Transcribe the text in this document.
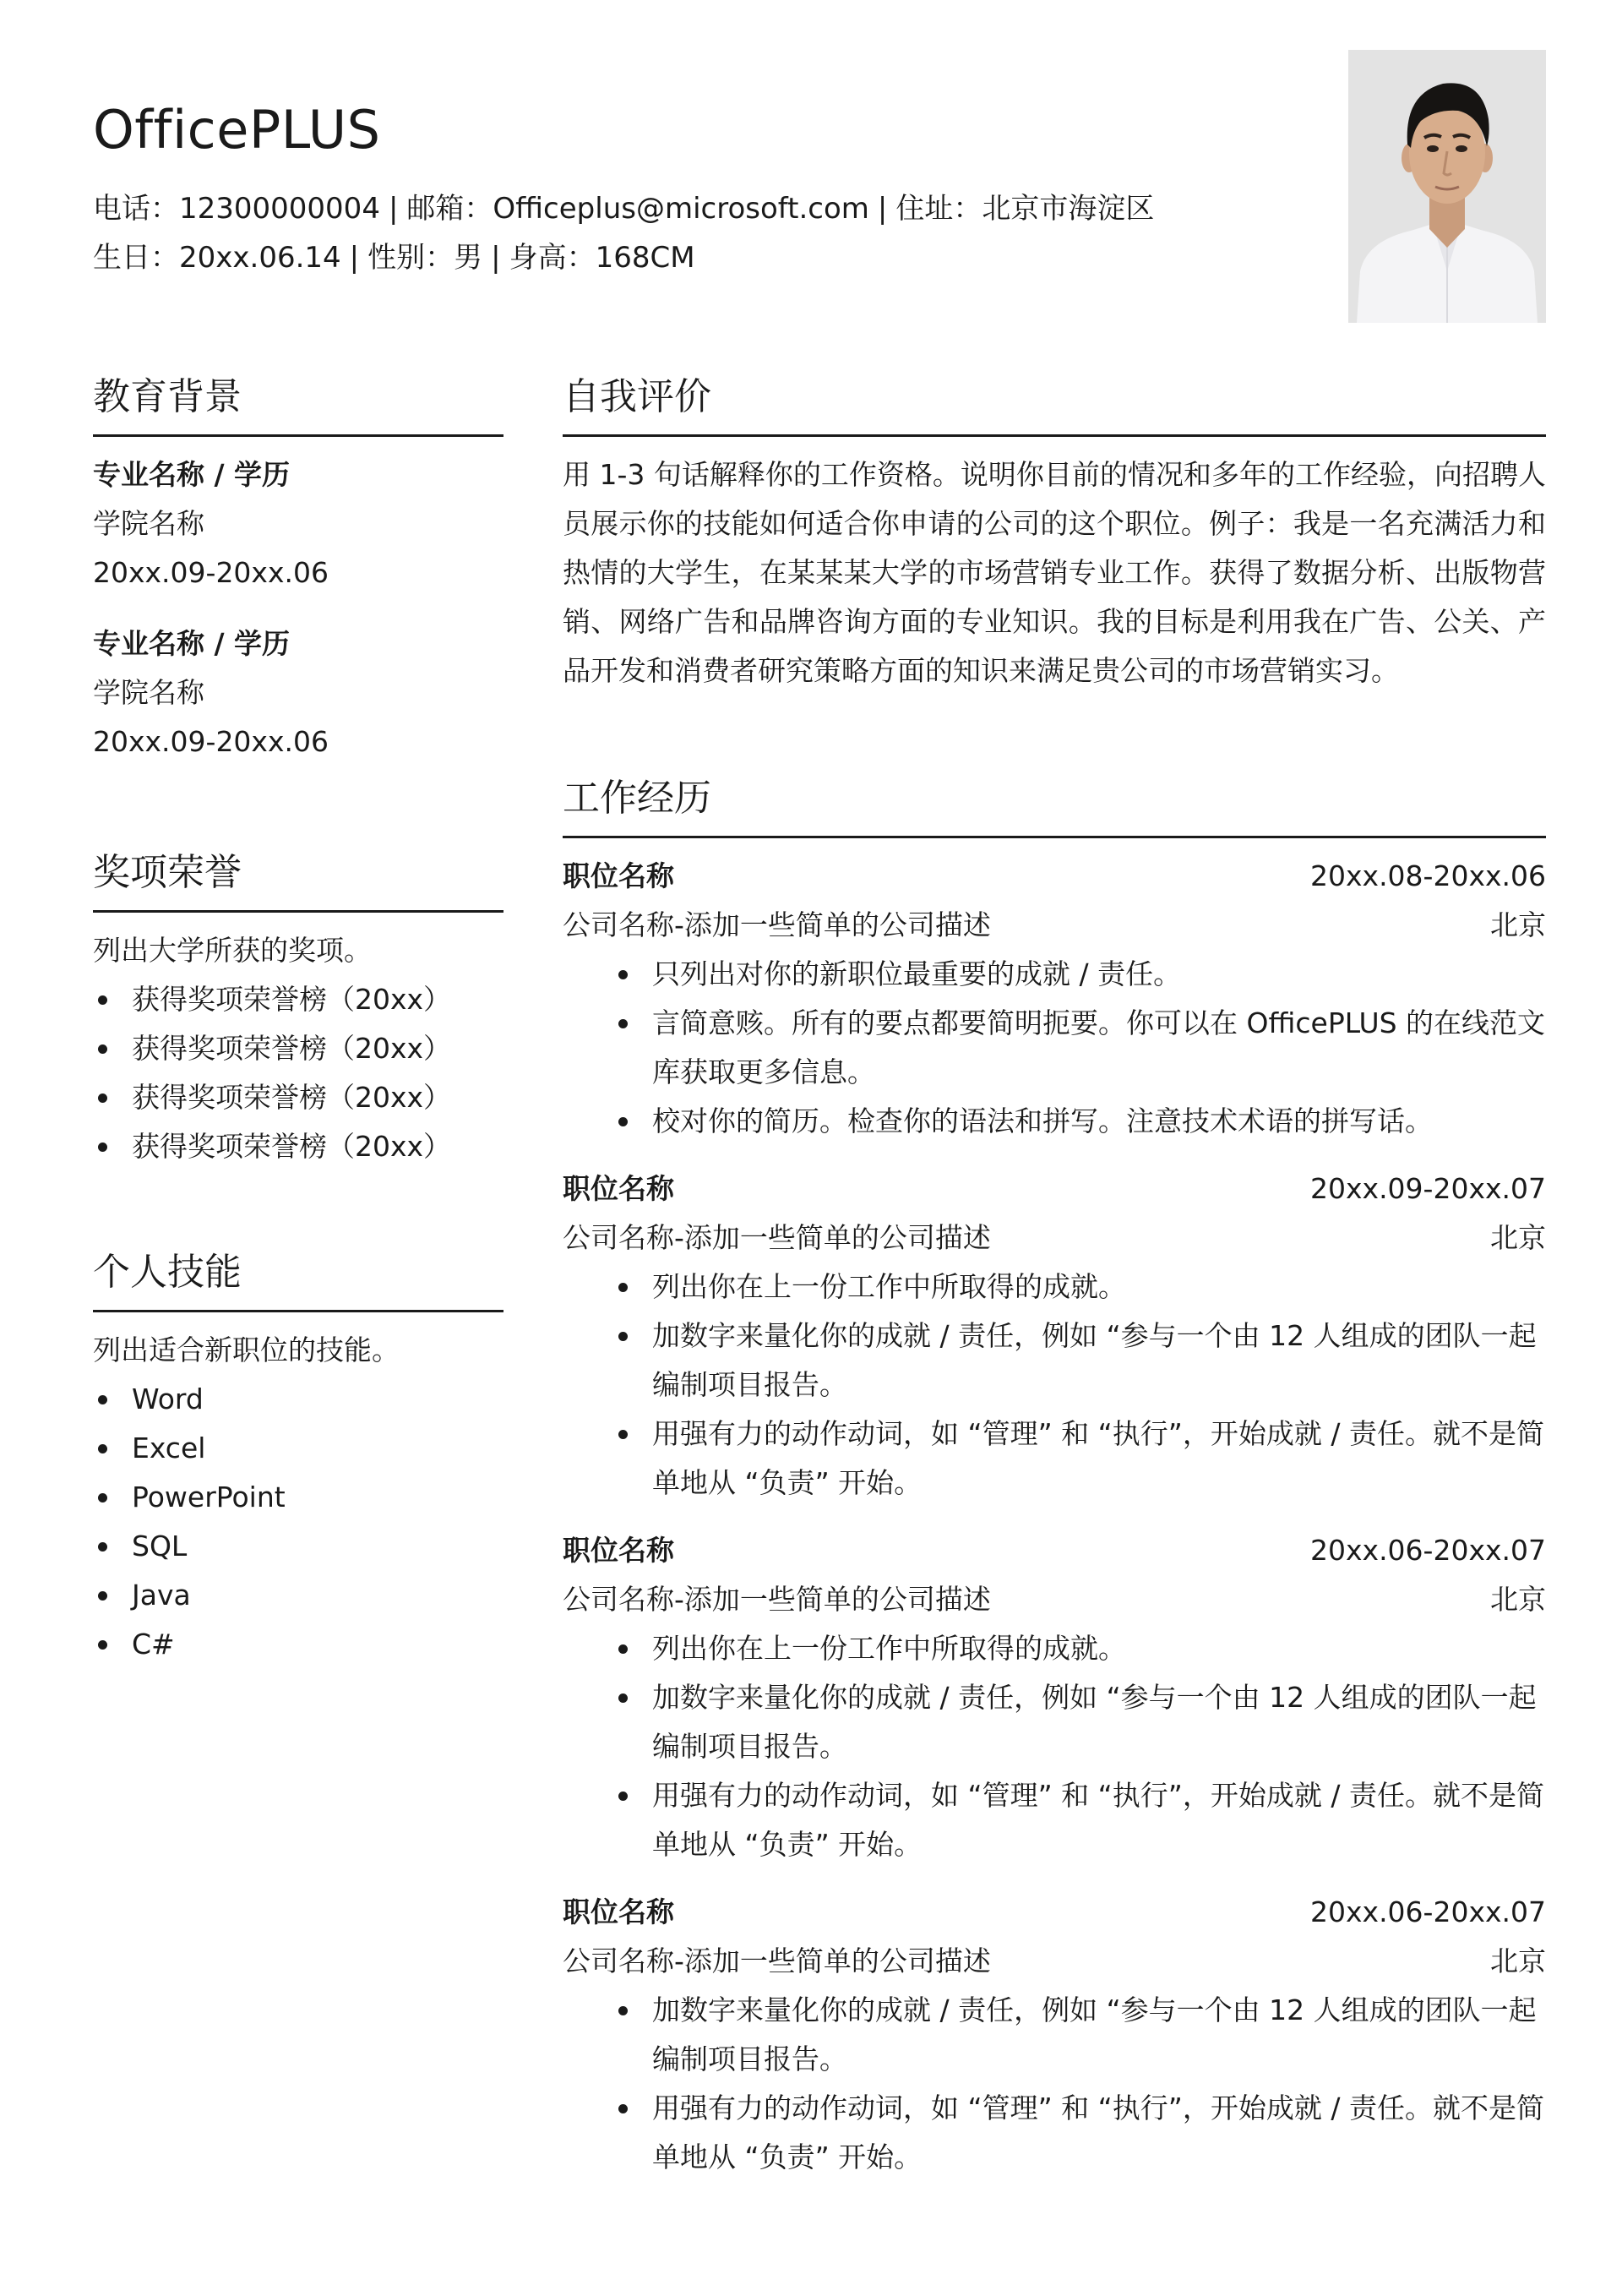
OfficePLUS
电话：12300000004 | 邮箱：Officeplus@microsoft.com | 住址：北京市海淀区
生日：20xx.06.14 | 性别：男 | 身高：168CM
教育背景
专业名称 / 学历
学院名称
20xx.09-20xx.06
专业名称 / 学历
学院名称
20xx.09-20xx.06
奖项荣誉
列出大学所获的奖项。
获得奖项荣誉榜（20xx）
获得奖项荣誉榜（20xx）
获得奖项荣誉榜（20xx）
获得奖项荣誉榜（20xx）
个人技能
列出适合新职位的技能。
Word
Excel
PowerPoint
SQL
Java
C#
自我评价
用 1-3 句话解释你的工作资格。说明你目前的情况和多年的工作经验，向招聘人员展示你的技能如何适合你申请的公司的这个职位。例子：我是一名充满活力和热情的大学生，在某某某大学的市场营销专业工作。获得了数据分析、出版物营销、网络广告和品牌咨询方面的专业知识。我的目标是利用我在广告、公关、产品开发和消费者研究策略方面的知识来满足贵公司的市场营销实习。
工作经历
职位名称	20xx.08-20xx.06
公司名称-添加一些简单的公司描述	北京
只列出对你的新职位最重要的成就 / 责任。
言简意赅。所有的要点都要简明扼要。你可以在 OfficePLUS 的在线范文库获取更多信息。
校对你的简历。检查你的语法和拼写。注意技术术语的拼写话。
职位名称	20xx.09-20xx.07
公司名称-添加一些简单的公司描述	北京
列出你在上一份工作中所取得的成就。
加数字来量化你的成就 / 责任，例如 “参与一个由 12 人组成的团队一起编制项目报告。
用强有力的动作动词，如 “管理” 和 “执行”，开始成就 / 责任。就不是简单地从 “负责” 开始。
职位名称	20xx.06-20xx.07
公司名称-添加一些简单的公司描述	北京
列出你在上一份工作中所取得的成就。
加数字来量化你的成就 / 责任，例如 “参与一个由 12 人组成的团队一起编制项目报告。
用强有力的动作动词，如 “管理” 和 “执行”，开始成就 / 责任。就不是简单地从 “负责” 开始。
职位名称	20xx.06-20xx.07
公司名称-添加一些简单的公司描述	北京
加数字来量化你的成就 / 责任，例如 “参与一个由 12 人组成的团队一起编制项目报告。
用强有力的动作动词，如 “管理” 和 “执行”，开始成就 / 责任。就不是简单地从 “负责” 开始。
